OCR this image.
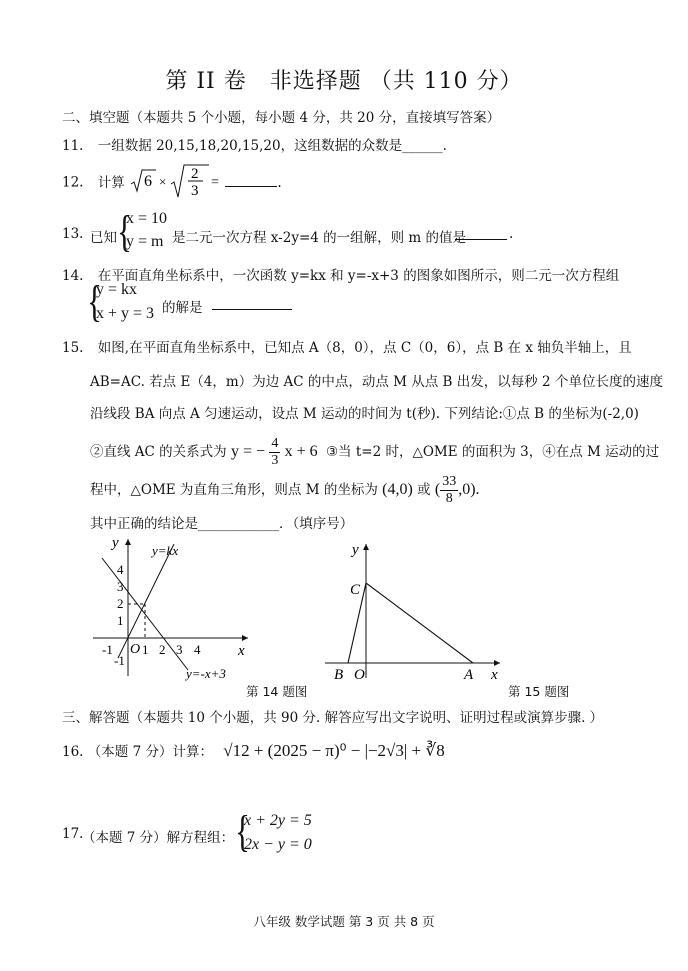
第 II 卷　非选择题 （共 110 分）
二、填空题（本题共 5 个小题，每小题 4 分，共 20 分，直接填写答案）
11. 一组数据 20,15,18,20,15,20，这组数据的众数是______.
12. 计算 6 × 2
3
=	.
13. 已知 {
x = 10
y = m 是二元一次方程 x-2y=4 的一组解，则 m 的值是	.
14. 在平面直角坐标系中，一次函数 y=kx 和 y=-x+3 的图象如图所示，则二元一次方程组
{
y = kx
x + y = 3 的解是
15. 如图,在平面直角坐标系中，已知点 A（8，0），点 C（0，6），点 B 在 x 轴负半轴上，且
AB=AC. 若点 E（4，m）为边 AC 的中点，动点 M 从点 B 出发，以每秒 2 个单位长度的速度
沿线段 BA 向点 A 匀速运动，设点 M 运动的时间为 t(秒). 下列结论:①点 B 的坐标为(-2,0)
②直线 AC 的关系式为 y = − $\frac{4}{3}$ x + 6 ③当 t=2 时，△OME 的面积为 3，④在点 M 运动的过
程中，△OME 为直角三角形，则点 M 的坐标为 (4,0) 或 ( $\frac{33}{8} ,0$).
其中正确的结论是____________．（填序号）
y
x
O
y=kx
y=-x+3
-1 1 2 3 4
1
2
3
4
-1
第 14 题图
y
x
C
B O	A
第 15 题图
三、解答题（本题共 10 个小题，共 90 分. 解答应写出文字说明、证明过程或演算步骤. ）
16. （本题 7 分）计算： √12 + (2025 − π)⁰ − |−2√3| + ∛8
17.
（本题 7 分）解方程组： {
x + 2y = 5
2x − y = 0
八年级 数学试题 第 3 页 共 8 页
